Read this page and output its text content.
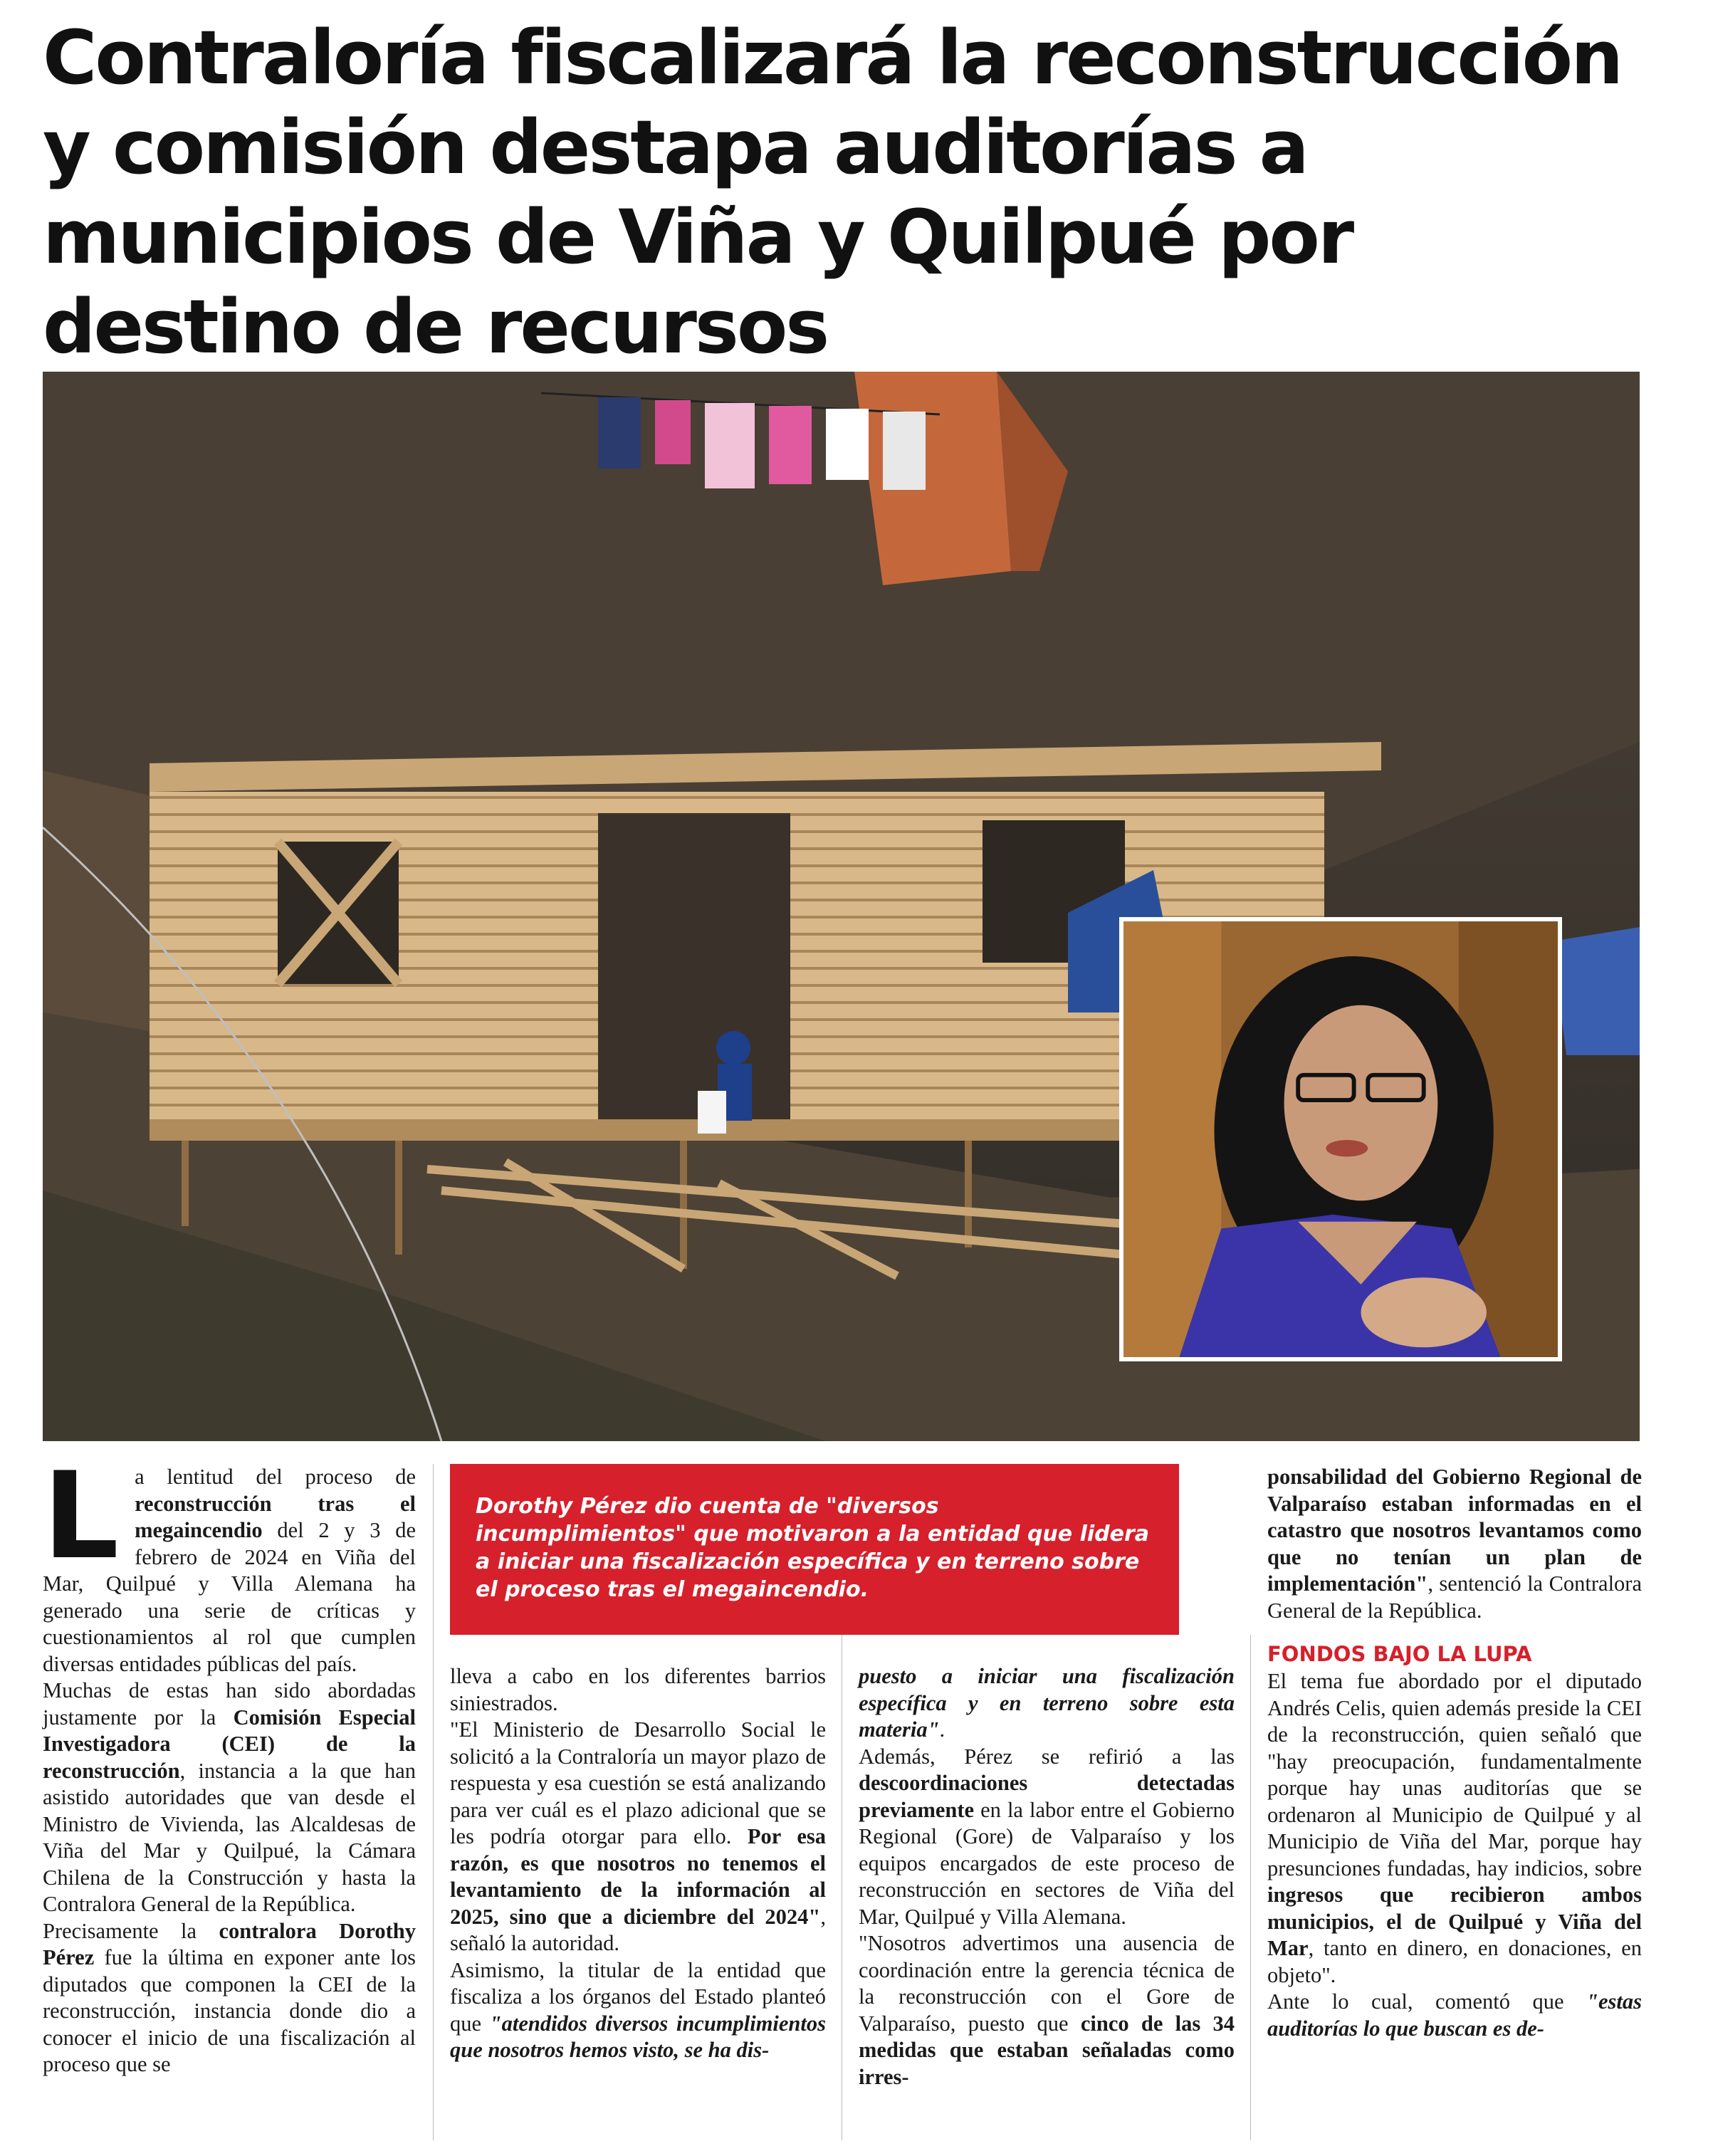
Contraloría fiscalizará la reconstrucción y comisión destapa auditorías a municipios de Viña y Quilpué por destino de recursos
L a lentitud del proceso de reconstrucción tras el megaincendio del 2 y 3 de febrero de 2024 en Viña del Mar, Quilpué y Villa Alemana ha generado una serie de críticas y cuestionamientos al rol que cumplen diversas entidades públicas del país.

Muchas de estas han sido abordadas justamente por la Comisión Especial Investigadora (CEI) de la reconstrucción, instancia a la que han asistido autoridades que van desde el Ministro de Vivienda, las Alcaldesas de Viña del Mar y Quilpué, la Cámara Chilena de la Construcción y hasta la Contralora General de la República.

Precisamente la contralora Dorothy Pérez fue la última en exponer ante los diputados que componen la CEI de la reconstrucción, instancia donde dio a conocer el inicio de una fiscalización al proceso que se

Dorothy Pérez dio cuenta de "diversos incumplimientos" que motivaron a la entidad que lidera a iniciar una fiscalización específica y en terreno sobre el proceso tras el megaincendio.

lleva a cabo en los diferentes barrios siniestrados.

"El Ministerio de Desarrollo Social le solicitó a la Contraloría un mayor plazo de respuesta y esa cuestión se está analizando para ver cuál es el plazo adicional que se les podría otorgar para ello. Por esa razón, es que nosotros no tenemos el levantamiento de la información al 2025, sino que a diciembre del 2024", señaló la autoridad.

Asimismo, la titular de la entidad que fiscaliza a los órganos del Estado planteó que "atendidos diversos incumplimientos que nosotros hemos visto, se ha dis-

puesto a iniciar una fiscalización específica y en terreno sobre esta materia".

Además, Pérez se refirió a las descoordinaciones detectadas previamente en la labor entre el Gobierno Regional (Gore) de Valparaíso y los equipos encargados de este proceso de reconstrucción en sectores de Viña del Mar, Quilpué y Villa Alemana.

"Nosotros advertimos una ausencia de coordinación entre la gerencia técnica de la reconstrucción con el Gore de Valparaíso, puesto que cinco de las 34 medidas que estaban señaladas como irres-

ponsabilidad del Gobierno Regional de Valparaíso estaban informadas en el catastro que nosotros levantamos como que no tenían un plan de implementación", sentenció la Contralora General de la República.

FONDOS BAJO LA LUPA

El tema fue abordado por el diputado Andrés Celis, quien además preside la CEI de la reconstrucción, quien señaló que "hay preocupación, fundamentalmente porque hay unas auditorías que se ordenaron al Municipio de Quilpué y al Municipio de Viña del Mar, porque hay presunciones fundadas, hay indicios, sobre ingresos que recibieron ambos municipios, el de Quilpué y Viña del Mar, tanto en dinero, en donaciones, en objeto".

Ante lo cual, comentó que "estas auditorías lo que buscan es de-
